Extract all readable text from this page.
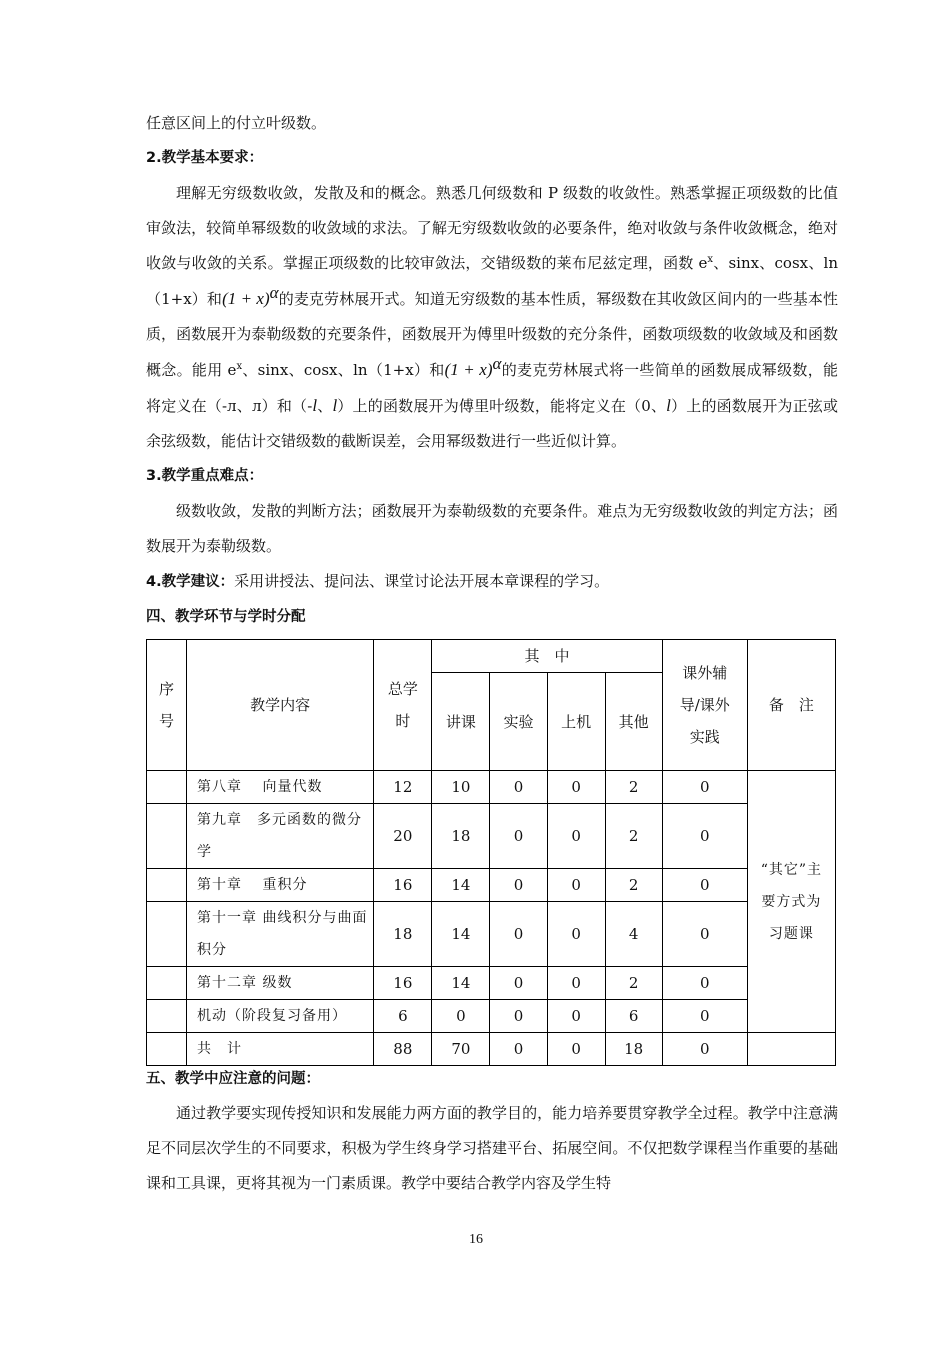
任意区间上的付立叶级数。

2.教学基本要求：

理解无穷级数收敛，发散及和的概念。熟悉几何级数和 P 级数的收敛性。熟悉掌握正项级数的比值审敛法，较简单幂级数的收敛域的求法。了解无穷级数收敛的必要条件，绝对收敛与条件收敛概念，绝对收敛与收敛的关系。掌握正项级数的比较审敛法，交错级数的莱布尼兹定理，函数 $e^x$、sinx、cosx、ln（1+x）和$(1 + x)^\alpha$的麦克劳林展开式。知道无穷级数的基本性质，幂级数在其收敛区间内的一些基本性质，函数展开为泰勒级数的充要条件，函数展开为傅里叶级数的充分条件，函数项级数的收敛域及和函数概念。能用 $e^x$、sinx、cosx、ln（1+x）和$(1 + x)^\alpha$的麦克劳林展式将一些简单的函数展成幂级数，能将定义在（-л、л）和（-l、l）上的函数展开为傅里叶级数，能将定义在（0、l）上的函数展开为正弦或余弦级数，能估计交错级数的截断误差，会用幂级数进行一些近似计算。

3.教学重点难点：

级数收敛，发散的判断方法；函数展开为泰勒级数的充要条件。难点为无穷级数收敛的判定方法；函数展开为泰勒级数。

4.教学建议：采用讲授法、提问法、课堂讨论法开展本章课程的学习。

四、教学环节与学时分配

序号	教学内容	总学时	其　中				课外辅导/课外实践	备　注
			讲课	实验	上机	其他		
	第八章　 向量代数	12	10	0	0	2	0	“其它”主要方式为习题课
	第九章　多元函数的微分学	20	18	0	0	2	0	
	第十章　 重积分	16	14	0	0	2	0	
	第十一章 曲线积分与曲面积分	18	14	0	0	4	0	
	第十二章 级数	16	14	0	0	2	0	
	机动（阶段复习备用）	6	0	0	0	6	0	
	共　计	88	70	0	0	18	0	

五、教学中应注意的问题：

通过教学要实现传授知识和发展能力两方面的教学目的，能力培养要贯穿教学全过程。教学中注意满足不同层次学生的不同要求，积极为学生终身学习搭建平台、拓展空间。不仅把数学课程当作重要的基础课和工具课，更将其视为一门素质课。教学中要结合教学内容及学生特

16
